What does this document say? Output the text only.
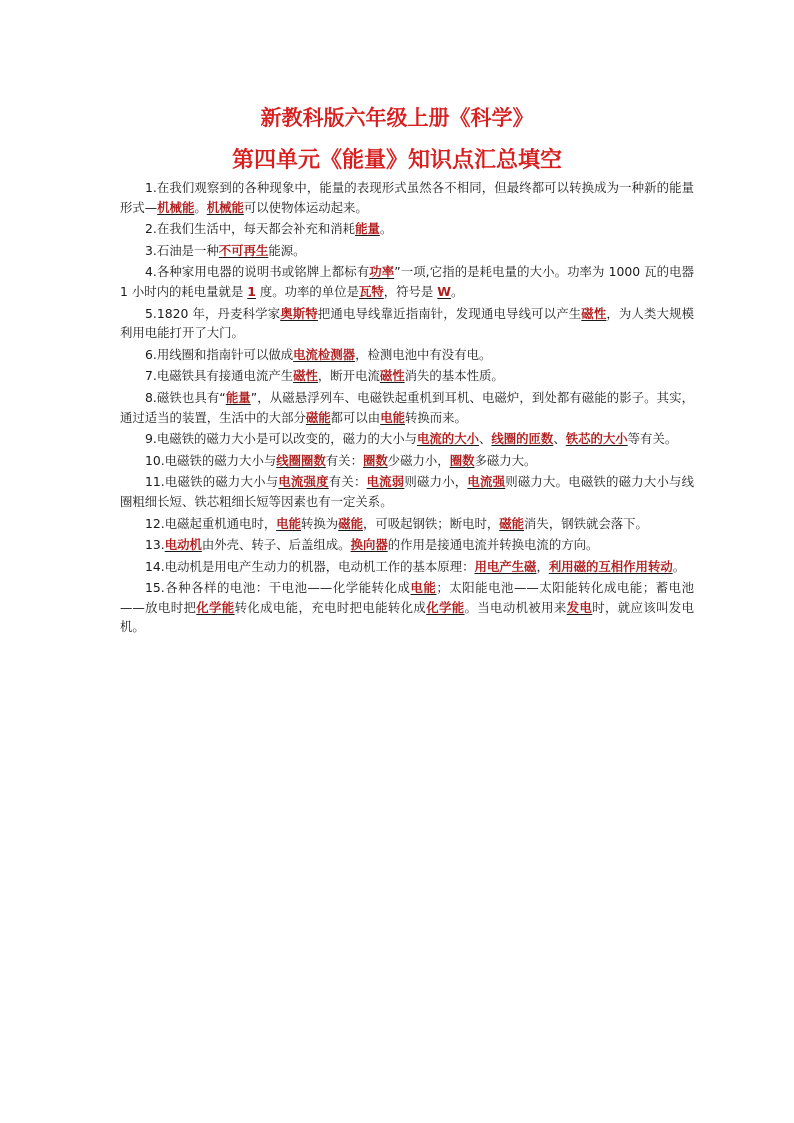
新教科版六年级上册《科学》
第四单元《能量》知识点汇总填空

1.在我们观察到的各种现象中，能量的表现形式虽然各不相同，但最终都可以转换成为一种新的能量形式—机械能。机械能可以使物体运动起来。

2.在我们生活中，每天都会补充和消耗能量。

3.石油是一种不可再生能源。

4.各种家用电器的说明书或铭牌上都标有功率”一项,它指的是耗电量的大小。功率为 1000 瓦的电器 1 小时内的耗电量就是 1 度。功率的单位是瓦特，符号是 W。

5.1820 年，丹麦科学家奥斯特把通电导线靠近指南针，发现通电导线可以产生磁性，为人类大规模利用电能打开了大门。

6.用线圈和指南针可以做成电流检测器，检测电池中有没有电。

7.电磁铁具有接通电流产生磁性，断开电流磁性消失的基本性质。

8.磁铁也具有“能量”，从磁悬浮列车、电磁铁起重机到耳机、电磁炉，到处都有磁能的影子。其实，通过适当的装置，生活中的大部分磁能都可以由电能转换而来。

9.电磁铁的磁力大小是可以改变的，磁力的大小与电流的大小、线圈的匝数、铁芯的大小等有关。

10.电磁铁的磁力大小与线圈圈数有关：圈数少磁力小，圈数多磁力大。

11.电磁铁的磁力大小与电流强度有关：电流弱则磁力小，电流强则磁力大。电磁铁的磁力大小与线圈粗细长短、铁芯粗细长短等因素也有一定关系。

12.电磁起重机通电时，电能转换为磁能，可吸起钢铁；断电时，磁能消失，钢铁就会落下。

13.电动机由外壳、转子、后盖组成。换向器的作用是接通电流并转换电流的方向。

14.电动机是用电产生动力的机器，电动机工作的基本原理：用电产生磁，利用磁的互相作用转动。

15.各种各样的电池：干电池——化学能转化成电能；太阳能电池——太阳能转化成电能；蓄电池——放电时把化学能转化成电能，充电时把电能转化成化学能。当电动机被用来发电时，就应该叫发电机。
